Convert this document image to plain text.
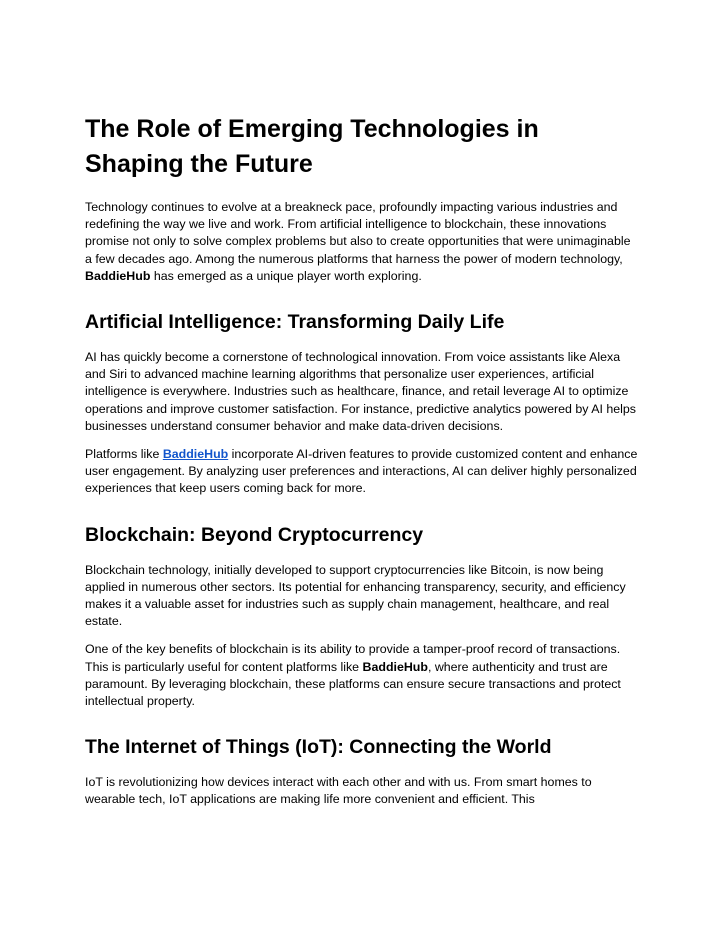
The Role of Emerging Technologies in Shaping the Future

Technology continues to evolve at a breakneck pace, profoundly impacting various industries and redefining the way we live and work. From artificial intelligence to blockchain, these innovations promise not only to solve complex problems but also to create opportunities that were unimaginable a few decades ago. Among the numerous platforms that harness the power of modern technology, BaddieHub has emerged as a unique player worth exploring.

Artificial Intelligence: Transforming Daily Life

AI has quickly become a cornerstone of technological innovation. From voice assistants like Alexa and Siri to advanced machine learning algorithms that personalize user experiences, artificial intelligence is everywhere. Industries such as healthcare, finance, and retail leverage AI to optimize operations and improve customer satisfaction. For instance, predictive analytics powered by AI helps businesses understand consumer behavior and make data-driven decisions.

Platforms like BaddieHub incorporate AI-driven features to provide customized content and enhance user engagement. By analyzing user preferences and interactions, AI can deliver highly personalized experiences that keep users coming back for more.

Blockchain: Beyond Cryptocurrency

Blockchain technology, initially developed to support cryptocurrencies like Bitcoin, is now being applied in numerous other sectors. Its potential for enhancing transparency, security, and efficiency makes it a valuable asset for industries such as supply chain management, healthcare, and real estate.

One of the key benefits of blockchain is its ability to provide a tamper-proof record of transactions. This is particularly useful for content platforms like BaddieHub, where authenticity and trust are paramount. By leveraging blockchain, these platforms can ensure secure transactions and protect intellectual property.

The Internet of Things (IoT): Connecting the World

IoT is revolutionizing how devices interact with each other and with us. From smart homes to wearable tech, IoT applications are making life more convenient and efficient. This
